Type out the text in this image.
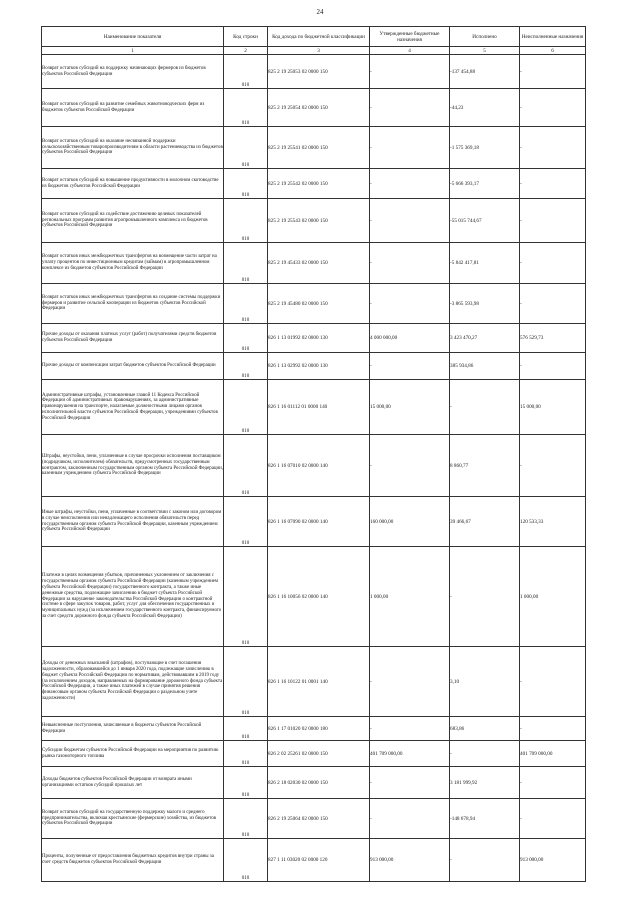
24
Наименование показателя	Код строки	Код дохода по бюджетной классификации	Утвержденные бюджетные назначения	Исполнено	Неисполненные назначения
1	2	3	4	5	6
Возврат остатков субсидий на поддержку начинающих фермеров из бюджетов субъектов Российской Федерации	010	825 2 19 25053 02 0000 150	-	-137 454,88	-
Возврат остатков субсидий на развитие семейных животноводческих ферм из бюджетов субъектов Российской Федерации	010	825 2 19 25054 02 0000 150	-	-44,23	-
Возврат остатков субсидий на оказание несвязанной поддержки сельскохозяйственным товаропроизводителям в области растениеводства из бюджетов субъектов Российской Федерации	010	825 2 19 25541 02 0000 150	-	-1 575 369,18	-
Возврат остатков субсидий на повышение продуктивности в молочном скотоводстве из бюджетов субъектов Российской Федерации	010	825 2 19 25542 02 0000 150	-	-5 666 393,17	-
Возврат остатков субсидий на содействие достижению целевых показателей региональных программ развития агропромышленного комплекса из бюджетов субъектов Российской Федерации	010	825 2 19 25543 02 0000 150	-	-55 015 744,67	-
Возврат остатков иных межбюджетных трансфертов на возмещение части затрат на уплату процентов по инвестиционным кредитам (займам) в агропромышленном комплексе из бюджетов субъектов Российской Федерации	010	825 2 19 45433 02 0000 150	-	-5 842 417,81	-
Возврат остатков иных межбюджетных трансфертов на создание системы поддержки фермеров и развитие сельской кооперации из бюджетов субъектов Российской Федерации	010	825 2 19 45480 02 0000 150	-	-3 865 593,98	-
Прочие доходы от оказания платных услуг (работ) получателями средств бюджетов субъектов Российской Федерации	010	826 1 13 01992 02 0000 130	4 000 000,00	3 423 470,27	576 529,73
Прочие доходы от компенсации затрат бюджетов субъектов Российской Федерации	010	826 1 13 02992 02 0000 130	-	385 934,86	-
Административные штрафы, установленные главой 11 Кодекса Российской Федерации об административных правонарушениях, за административные правонарушения на транспорте, налагаемые должностными лицами органов исполнительной власти субъектов Российской Федерации, учреждениями субъектов Российской Федерации	010	826 1 16 01112 01 0000 140	15 000,00	-	15 000,00
Штрафы, неустойки, пени, уплаченные в случае просрочки исполнения поставщиком (подрядчиком, исполнителем) обязательств, предусмотренных государственным контрактом, заключенным государственным органом субъекта Российской Федерации, казенным учреждением субъекта Российской Федерации	010	826 1 16 07010 02 0000 140	-	8 860,77	-
Иные штрафы, неустойки, пени, уплаченные в соответствии с законом или договором в случае неисполнения или ненадлежащего исполнения обязательств перед государственным органом субъекта Российской Федерации, казенным учреждением субъекта Российской Федерации	010	826 1 16 07090 02 0000 140	160 000,00	39 466,67	120 533,33
Платежи в целях возмещения убытков, причиненных уклонением от заключения с государственным органом субъекта Российской Федерации (казенным учреждением субъекта Российской Федерации) государственного контракта, а также иные денежные средства, подлежащие зачислению в бюджет субъекта Российской Федерации за нарушение законодательства Российской Федерации о контрактной системе в сфере закупок товаров, работ, услуг для обеспечения государственных и муниципальных нужд (за исключением государственного контракта, финансируемого за счет средств дорожного фонда субъекта Российской Федерации)	010	826 1 16 10056 02 0000 140	1 000,00	-	1 000,00
Доходы от денежных взысканий (штрафов), поступающие в счет погашения задолженности, образовавшейся до 1 января 2020 года, подлежащие зачислению в бюджет субъекта Российской Федерации по нормативам, действовавшим в 2019 году (за исключением доходов, направляемых на формирование дорожного фонда субъекта Российской Федерации, а также иных платежей в случае принятия решения финансовым органом субъекта Российской Федерации о раздельном учете задолженности)	010	826 1 16 10122 01 0001 140	-	3,10	-
Невыясненные поступления, зачисляемые в бюджеты субъектов Российской Федерации	010	826 1 17 01020 02 0000 180	-	683,86	-
Субсидии бюджетам субъектов Российской Федерации на мероприятия по развитию рынка газомоторного топлива	010	826 2 02 25261 02 0000 150	401 709 000,00	-	401 709 000,00
Доходы бюджетов субъектов Российской Федерации от возврата иными организациями остатков субсидий прошлых лет	010	826 2 18 02030 02 0000 150	-	3 181 999,92	-
Возврат остатков субсидий на государственную поддержку малого и среднего предпринимательства, включая крестьянские (фермерские) хозяйства, из бюджетов субъектов Российской Федерации	010	826 2 19 25064 02 0000 150	-	-148 678,94	-
Проценты, полученные от предоставления бюджетных кредитов внутри страны за счет средств бюджетов субъектов Российской Федерации	010	827 1 11 03020 02 0000 120	913 000,00	-	913 000,00
